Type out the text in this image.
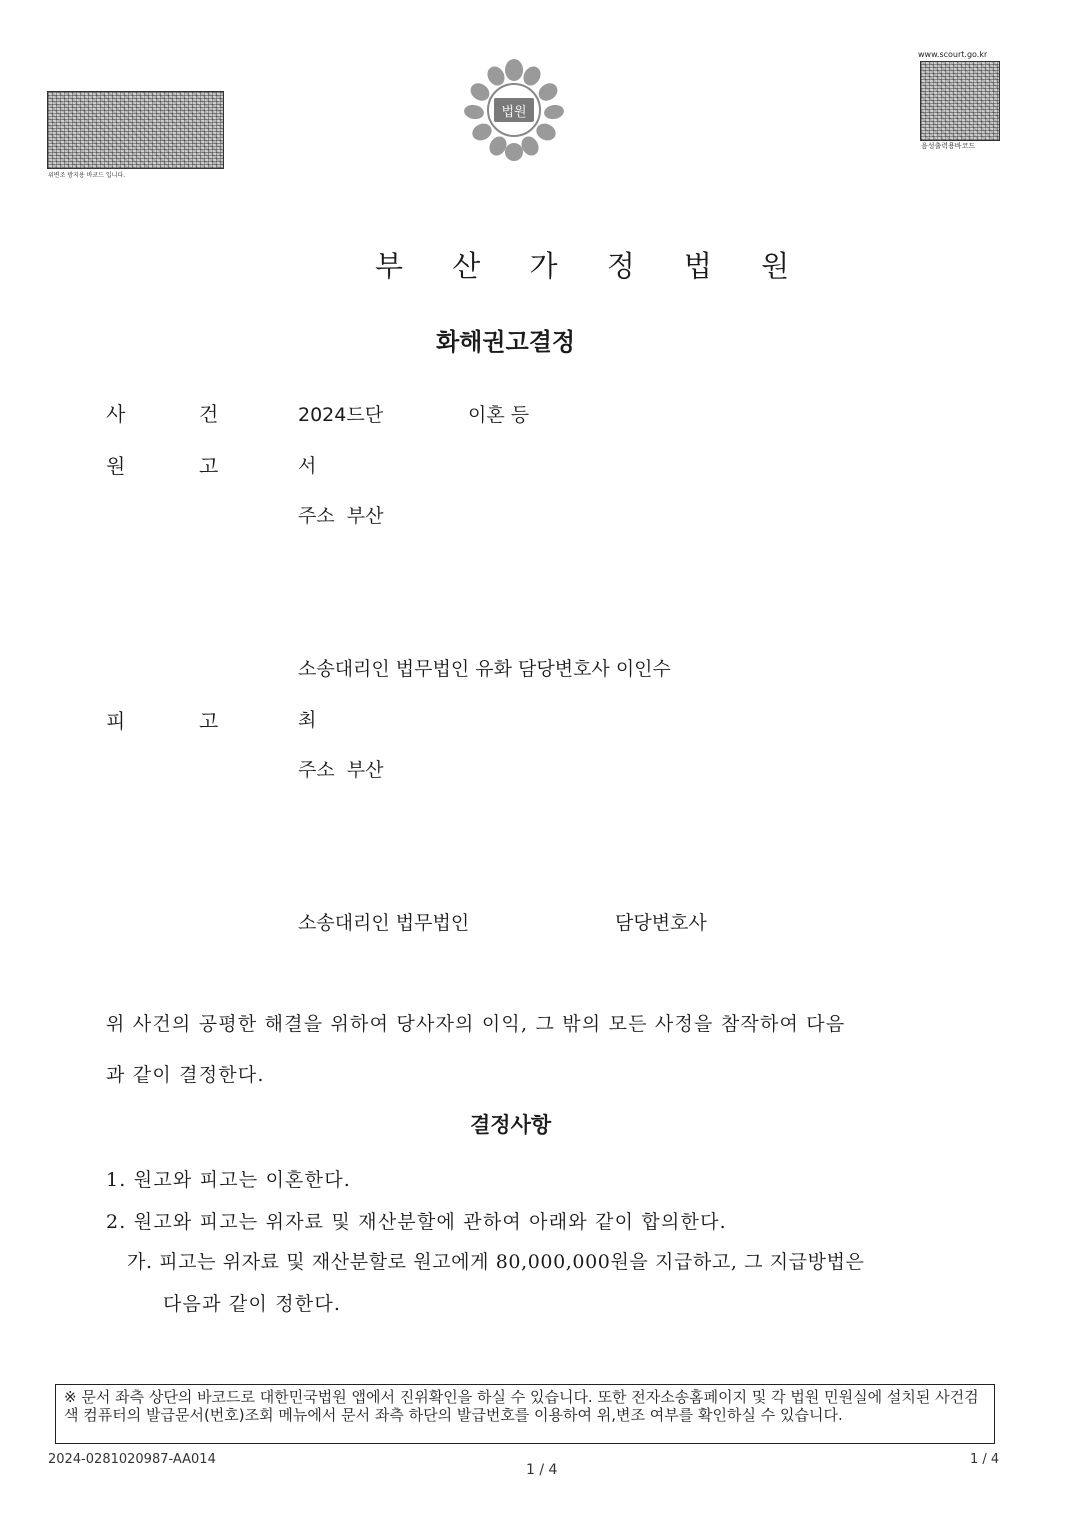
위변조 방지용 바코드 입니다.
www.scourt.go.kr
음성출력용바코드
법원
부 산 가 정 법 원
화해권고결정
사	건	2024드단	이혼 등
원	고	서
주소  부산
소송대리인 법무법인 유화 담당변호사 이인수
피	고	최
주소  부산
소송대리인 법무법인	담당변호사
위 사건의 공평한 해결을 위하여 당사자의 이익, 그 밖의 모든 사정을 참작하여 다음
과 같이 결정한다.
결정사항
1. 원고와 피고는 이혼한다.
2. 원고와 피고는 위자료 및 재산분할에 관하여 아래와 같이 합의한다.
가. 피고는 위자료 및 재산분할로 원고에게 80,000,000원을 지급하고, 그 지급방법은
다음과 같이 정한다.
※ 문서 좌측 상단의 바코드로 대한민국법원 앱에서 진위확인을 하실 수 있습니다. 또한 전자소송홈페이지 및 각 법원 민원실에 설치된 사건검색 컴퓨터의 발급문서(번호)조회 메뉴에서 문서 좌측 하단의 발급번호를 이용하여 위,변조 여부를 확인하실 수 있습니다.
2024-0281020987-AA014
1 / 4
1 / 4
